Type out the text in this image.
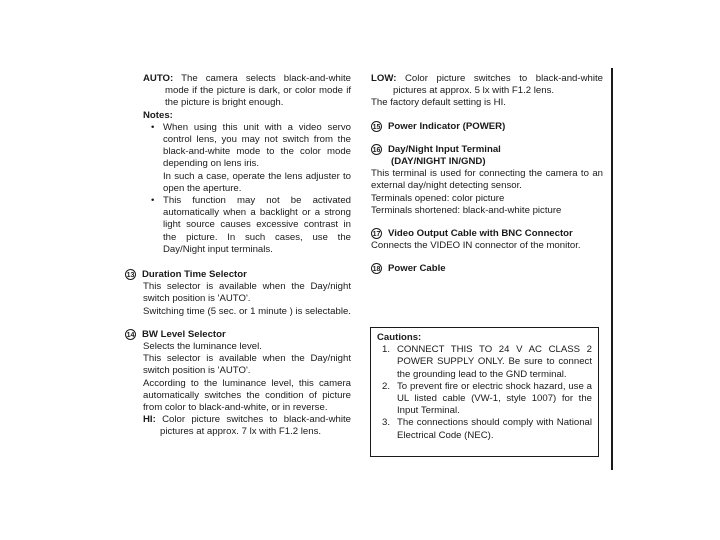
AUTO: The camera selects black-and-white mode if the picture is dark, or color mode if the picture is bright enough.
Notes:
• When using this unit with a video servo control lens, you may not switch from the black-and-white mode to the color mode depending on lens iris.
In such a case, operate the lens adjuster to open the aperture.
• This function may not be activated automatically when a backlight or a strong light source causes excessive contrast in the picture. In such cases, use the Day/Night input terminals.
13 Duration Time Selector
This selector is available when the Day/night switch position is 'AUTO'.
Switching time (5 sec. or 1 minute ) is selectable.
14 BW Level Selector
Selects the luminance level.
This selector is available when the Day/night switch position is 'AUTO'.
According to the luminance level, this camera automatically switches the condition of picture from color to black-and-white, or in reverse.
HI: Color picture switches to black-and-white pictures at approx. 7 lx with F1.2 lens.
LOW: Color picture switches to black-and-white pictures at approx. 5 lx with F1.2 lens.
The factory default setting is HI.
15 Power Indicator (POWER)
16 Day/Night Input Terminal
(DAY/NIGHT IN/GND)
This terminal is used for connecting the camera to an external day/night detecting sensor.
Terminals opened: color picture
Terminals shortened: black-and-white picture
17 Video Output Cable with BNC Connector
Connects the VIDEO IN connector of the monitor.
18 Power Cable
Cautions:
1. CONNECT THIS TO 24 V AC CLASS 2 POWER SUPPLY ONLY. Be sure to connect the grounding lead to the GND terminal.
2. To prevent fire or electric shock hazard, use a UL listed cable (VW-1, style 1007) for the Input Terminal.
3. The connections should comply with National Electrical Code (NEC).
